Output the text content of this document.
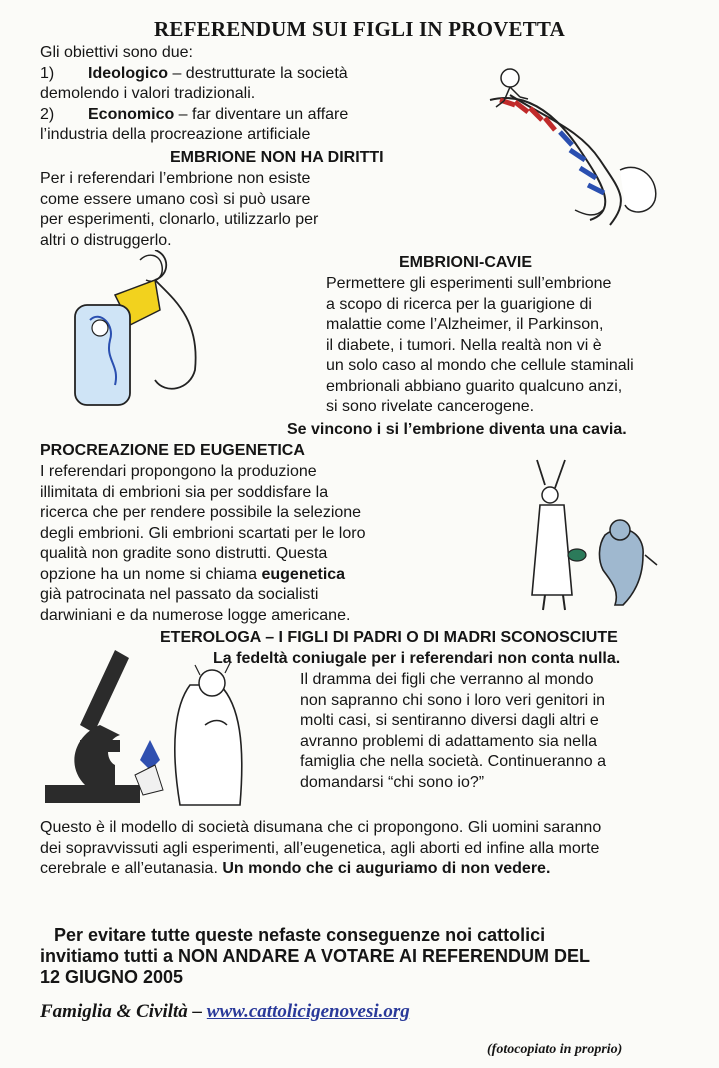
REFERENDUM SUI FIGLI IN PROVETTA

Gli obiettivi sono due:

1) Ideologico – destrutturate la società

demolendo i valori tradizionali.

2) Economico – far diventare un affare

l’industria della procreazione artificiale

EMBRIONE NON HA DIRITTI

Per i referendari l’embrione non esiste

come essere umano così si può usare

per esperimenti, clonarlo, utilizzarlo per

altri o distruggerlo.

EMBRIONI-CAVIE

Permettere gli esperimenti sull’embrione

a scopo di ricerca per la guarigione di

malattie come l’Alzheimer, il Parkinson,

il diabete, i tumori. Nella realtà non vi è

un solo caso al mondo che cellule staminali

embrionali abbiano guarito qualcuno anzi,

si sono rivelate cancerogene.

Se vincono i si l’embrione diventa una cavia.

PROCREAZIONE ED EUGENETICA

I referendari propongono la produzione

illimitata di embrioni sia per soddisfare la

ricerca che per rendere possibile la selezione

degli embrioni. Gli embrioni scartati per le loro

qualità non gradite sono distrutti. Questa

opzione ha un nome si chiama eugenetica

già patrocinata nel passato da socialisti

darwiniani e da numerose logge americane.

ETEROLOGA – I FIGLI DI PADRI O DI MADRI SCONOSCIUTE

La fedeltà coniugale per i referendari non conta nulla.

Il dramma dei figli che verranno al mondo

non sapranno chi sono i loro veri genitori in

molti casi, si sentiranno diversi dagli altri e

avranno problemi di adattamento sia nella

famiglia che nella società. Continueranno a

domandarsi “chi sono io?”

Questo è il modello di società disumana che ci propongono. Gli uomini saranno

dei sopravvissuti agli esperimenti, all’eugenetica, agli aborti ed infine alla morte

cerebrale e all’eutanasia. Un mondo che ci auguriamo di non vedere.

Per evitare tutte queste nefaste conseguenze noi cattolici

invitiamo tutti a NON ANDARE A VOTARE AI REFERENDUM DEL

12 GIUGNO 2005

Famiglia & Civiltà – www.cattolicigenovesi.org

(fotocopiato in proprio)
